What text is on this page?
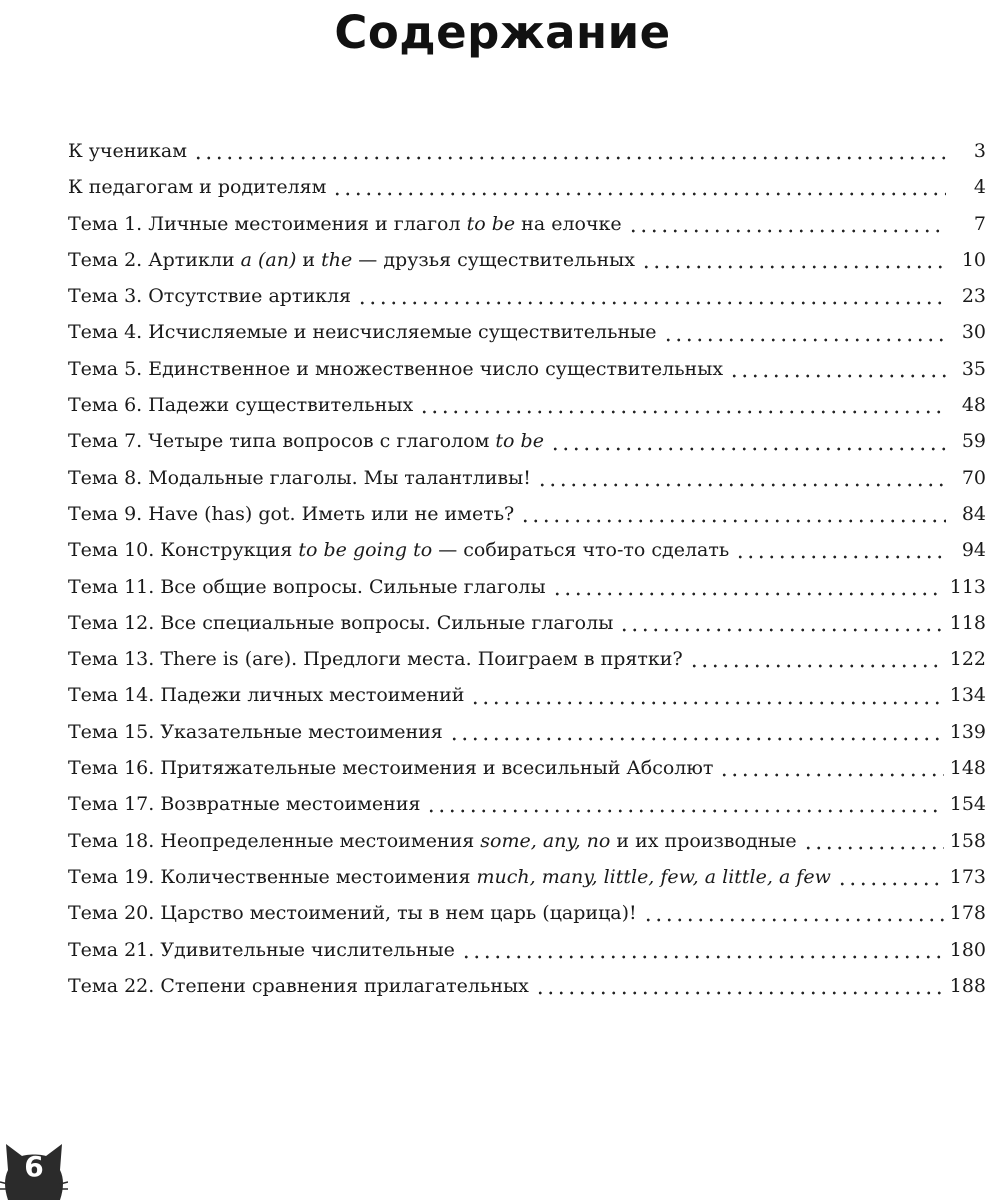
Содержание
К ученикам	3
К педагогам и родителям	4
Тема 1. Личные местоимения и глагол to be на елочке	7
Тема 2. Артикли a (an) и the — друзья существительных	10
Тема 3. Отсутствие артикля	23
Тема 4. Исчисляемые и неисчисляемые существительные	30
Тема 5. Единственное и множественное число существительных	35
Тема 6. Падежи существительных	48
Тема 7. Четыре типа вопросов с глаголом to be	59
Тема 8. Модальные глаголы. Мы талантливы!	70
Тема 9. Have (has) got. Иметь или не иметь?	84
Тема 10. Конструкция to be going to — собираться что-то сделать	94
Тема 11. Все общие вопросы. Сильные глаголы	113
Тема 12. Все специальные вопросы. Сильные глаголы	118
Тема 13. There is (are). Предлоги места. Поиграем в прятки?	122
Тема 14. Падежи личных местоимений	134
Тема 15. Указательные местоимения	139
Тема 16. Притяжательные местоимения и всесильный Абсолют	148
Тема 17. Возвратные местоимения	154
Тема 18. Неопределенные местоимения some, any, no и их производные	158
Тема 19. Количественные местоимения much, many, little, few, a little, a few	173
Тема 20. Царство местоимений, ты в нем царь (царица)!	178
Тема 21. Удивительные числительные	180
Тема 22. Степени сравнения прилагательных	188
6
